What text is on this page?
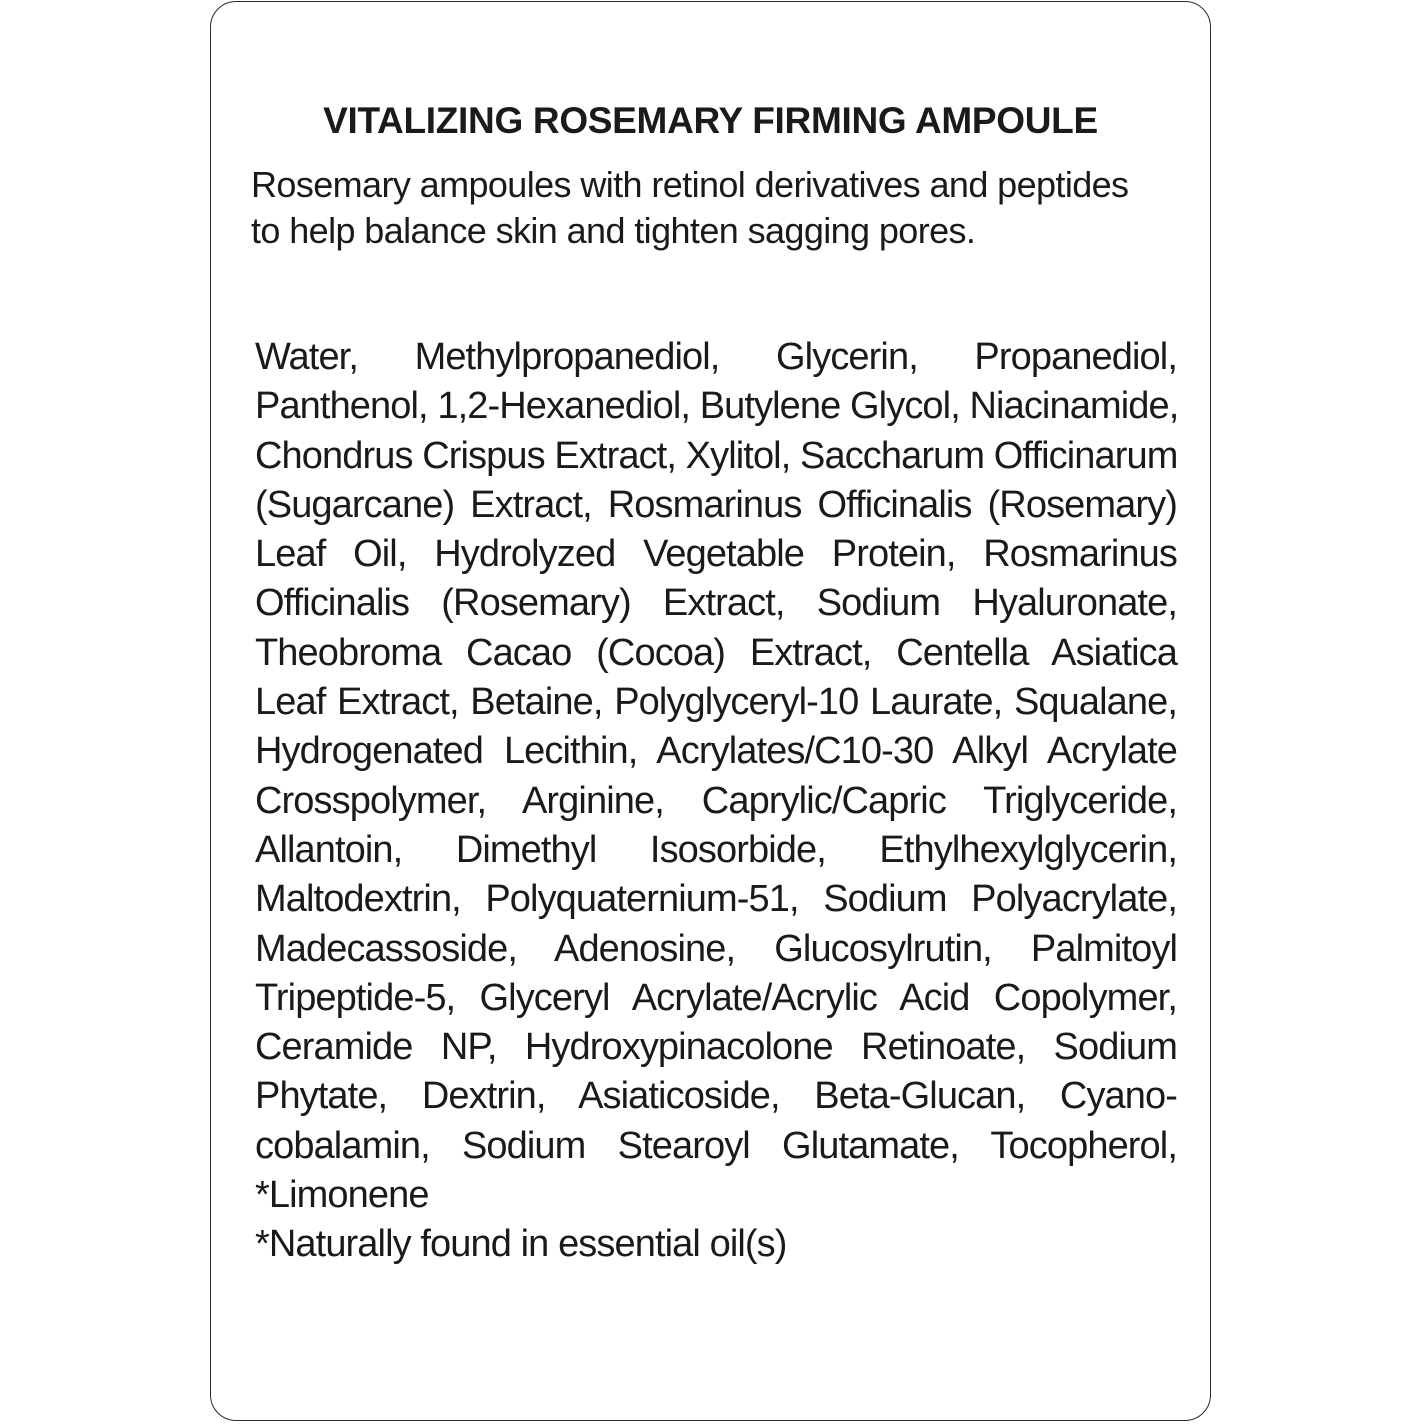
VITALIZING ROSEMARY FIRMING AMPOULE
Rosemary ampoules with retinol derivatives and peptides
to help balance skin and tighten sagging pores.
Water, Methylpropanediol, Glycerin, Propanediol,
Panthenol, 1,2-Hexanediol, Butylene Glycol, Niacinamide,
Chondrus Crispus Extract, Xylitol, Saccharum Officinarum
(Sugarcane) Extract, Rosmarinus Officinalis (Rosemary)
Leaf Oil, Hydrolyzed Vegetable Protein, Rosmarinus
Officinalis (Rosemary) Extract, Sodium Hyaluronate,
Theobroma Cacao (Cocoa) Extract, Centella Asiatica
Leaf Extract, Betaine, Polyglyceryl-10 Laurate, Squalane,
Hydrogenated Lecithin, Acrylates/C10-30 Alkyl Acrylate
Crosspolymer, Arginine, Caprylic/Capric Triglyceride,
Allantoin, Dimethyl Isosorbide, Ethylhexylglycerin,
Maltodextrin, Polyquaternium-51, Sodium Polyacrylate,
Madecassoside, Adenosine, Glucosylrutin, Palmitoyl
Tripeptide-5, Glyceryl Acrylate/Acrylic Acid Copolymer,
Ceramide NP, Hydroxypinacolone Retinoate, Sodium
Phytate, Dextrin, Asiaticoside, Beta-Glucan, Cyano-
cobalamin, Sodium Stearoyl Glutamate, Tocopherol,
*Limonene
*Naturally found in essential oil(s)
